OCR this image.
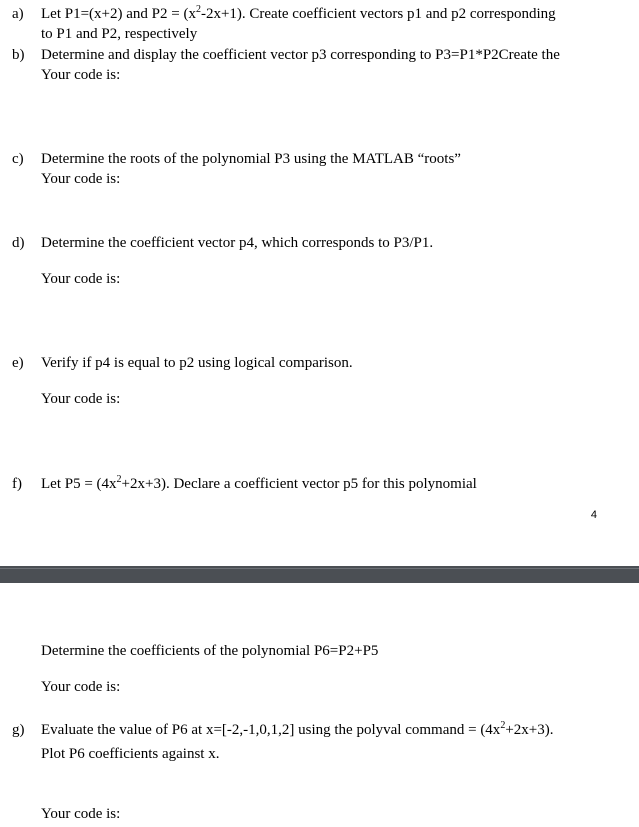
a) Let P1=(x+2) and $P2 = (x^2-2x+1)$. Create coefficient vectors p1 and p2 corresponding
to P1 and P2, respectively
b) Determine and display the coefficient vector p3 corresponding to P3=P1*P2Create the
Your code is:
c) Determine the roots of the polynomial P3 using the MATLAB “roots”
Your code is:
d) Determine the coefficient vector p4, which corresponds to P3/P1.
Your code is:
e) Verify if p4 is equal to p2 using logical comparison.
Your code is:
f) Let $P5 = (4x^2+2x+3)$. Declare a coefficient vector p5 for this polynomial
4
Determine the coefficients of the polynomial P6=P2+P5
Your code is:
g) Evaluate the value of P6 at x=[-2,-1,0,1,2] using the polyval command = $(4x^2+2x+3)$.
Plot P6 coefficients against x.
Your code is:
